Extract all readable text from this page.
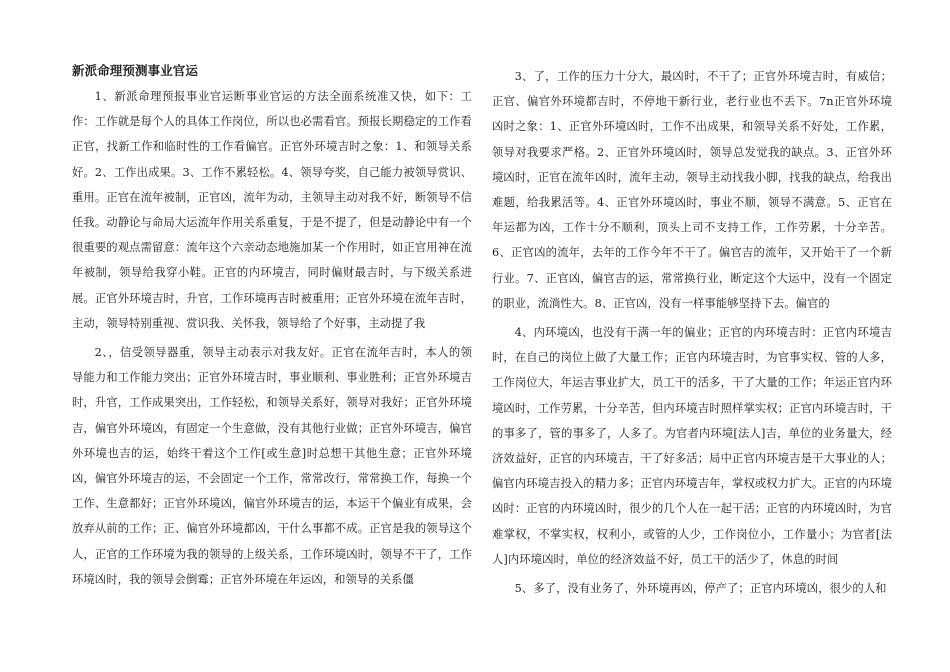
新派命理预测事业官运

1、新派命理预报事业官运断事业官运的方法全面系统准又快，如下：工作：工作就是每个人的具体工作岗位，所以也必需看官。预报长期稳定的工作看正官，找新工作和临时性的工作看偏官。正官外环境吉时之象：1、和领导关系好。2、工作出成果。3、工作不累轻松。4、领导夸奖，自己能力被领导赏识、重用。正官在流年被制，正官凶，流年为动，主领导主动对我不好，断领导不信任我。动静论与命局大运流年作用关系重复，于是不提了，但是动静论中有一个很重要的观点需留意：流年这个六亲动态地施加某一个作用时，如正官用神在流年被制，领导给我穿小鞋。正官的内环境吉，同时偏财最吉时，与下级关系进展。正官外环境吉时，升官，工作环境再吉时被重用；正官外环境在流年吉时，主动，领导特别重视、赏识我、关怀我，领导给了个好事，主动提了我

2、，信受领导器重，领导主动表示对我友好。正官在流年吉时，本人的领导能力和工作能力突出；正官外环境吉时，事业顺利、事业胜利；正官外环境吉时，升官，工作成果突出，工作轻松，和领导关系好，领导对我好；正官外环境吉，偏官外环境凶，有固定一个生意做，没有其他行业做；正官外环境吉，偏官外环境也吉的运，始终干着这个工作[或生意]时总想干其他生意；正官外环境凶，偏官外环境吉的运，不会固定一个工作，常常改行，常常换工作，每换一个工作、生意都好；正官外环境凶，偏官外环境吉的运，本运干个偏业有成果，会放弃从前的工作；正、偏官外环境都凶，干什么事都不成。正官是我的领导这个人，正官的工作环境为我的领导的上级关系，工作环境凶时，领导不干了，工作环境凶时，我的领导会倒霉；正官外环境在年运凶，和领导的关系僵

3、了，工作的压力十分大，最凶时，不干了；正官外环境吉时，有威信；正官、偏官外环境都吉时，不停地干新行业，老行业也不丢下。7n正官外环境凶时之象：1、正官外环境凶时，工作不出成果，和领导关系不好处，工作累，领导对我要求严格。2、正官外环境凶时，领导总发觉我的缺点。3、正官外环境凶时，正官在流年凶时，流年主动，领导主动找我小脚，找我的缺点，给我出难题，给我累活等。4、正官外环境凶时，事业不顺，领导不满意。5、正官在年运都为凶，工作十分不顺利，顶头上司不支持工作，工作劳累，十分辛苦。6、正官凶的流年，去年的工作今年不干了。偏官吉的流年，又开始干了一个新行业。7、正官凶，偏官吉的运，常常换行业，断定这个大运中，没有一个固定的职业，流淌性大。8、正官凶，没有一样事能够坚持下去。偏官的

4、内环境凶，也没有干满一年的偏业；正官的内环境吉时：正官内环境吉时，在自己的岗位上做了大量工作；正官内环境吉时，为官事实权、管的人多，工作岗位大，年运吉事业扩大，员工干的活多，干了大量的工作；年运正官内环境凶时，工作劳累，十分辛苦，但内环境吉时照样掌实权；正官内环境吉时，干的事多了，管的事多了，人多了。为官者内环境[法人]吉，单位的业务量大，经济效益好，正官的内环境吉，干了好多活；局中正官内环境吉是干大事业的人；偏官内环境吉投入的精力多；正官内环境吉年，掌权或权力扩大。正官的内环境凶时：正官的内环境凶时，很少的几个人在一起干活；正官的内环境凶时，为官难掌权，不掌实权，权利小，或管的人少，工作岗位小，工作量小；为官者[法人]内环境凶时，单位的经济效益不好，员工干的活少了，休息的时间

5、多了，没有业务了，外环境再凶，停产了；正官内环境凶，很少的人和
